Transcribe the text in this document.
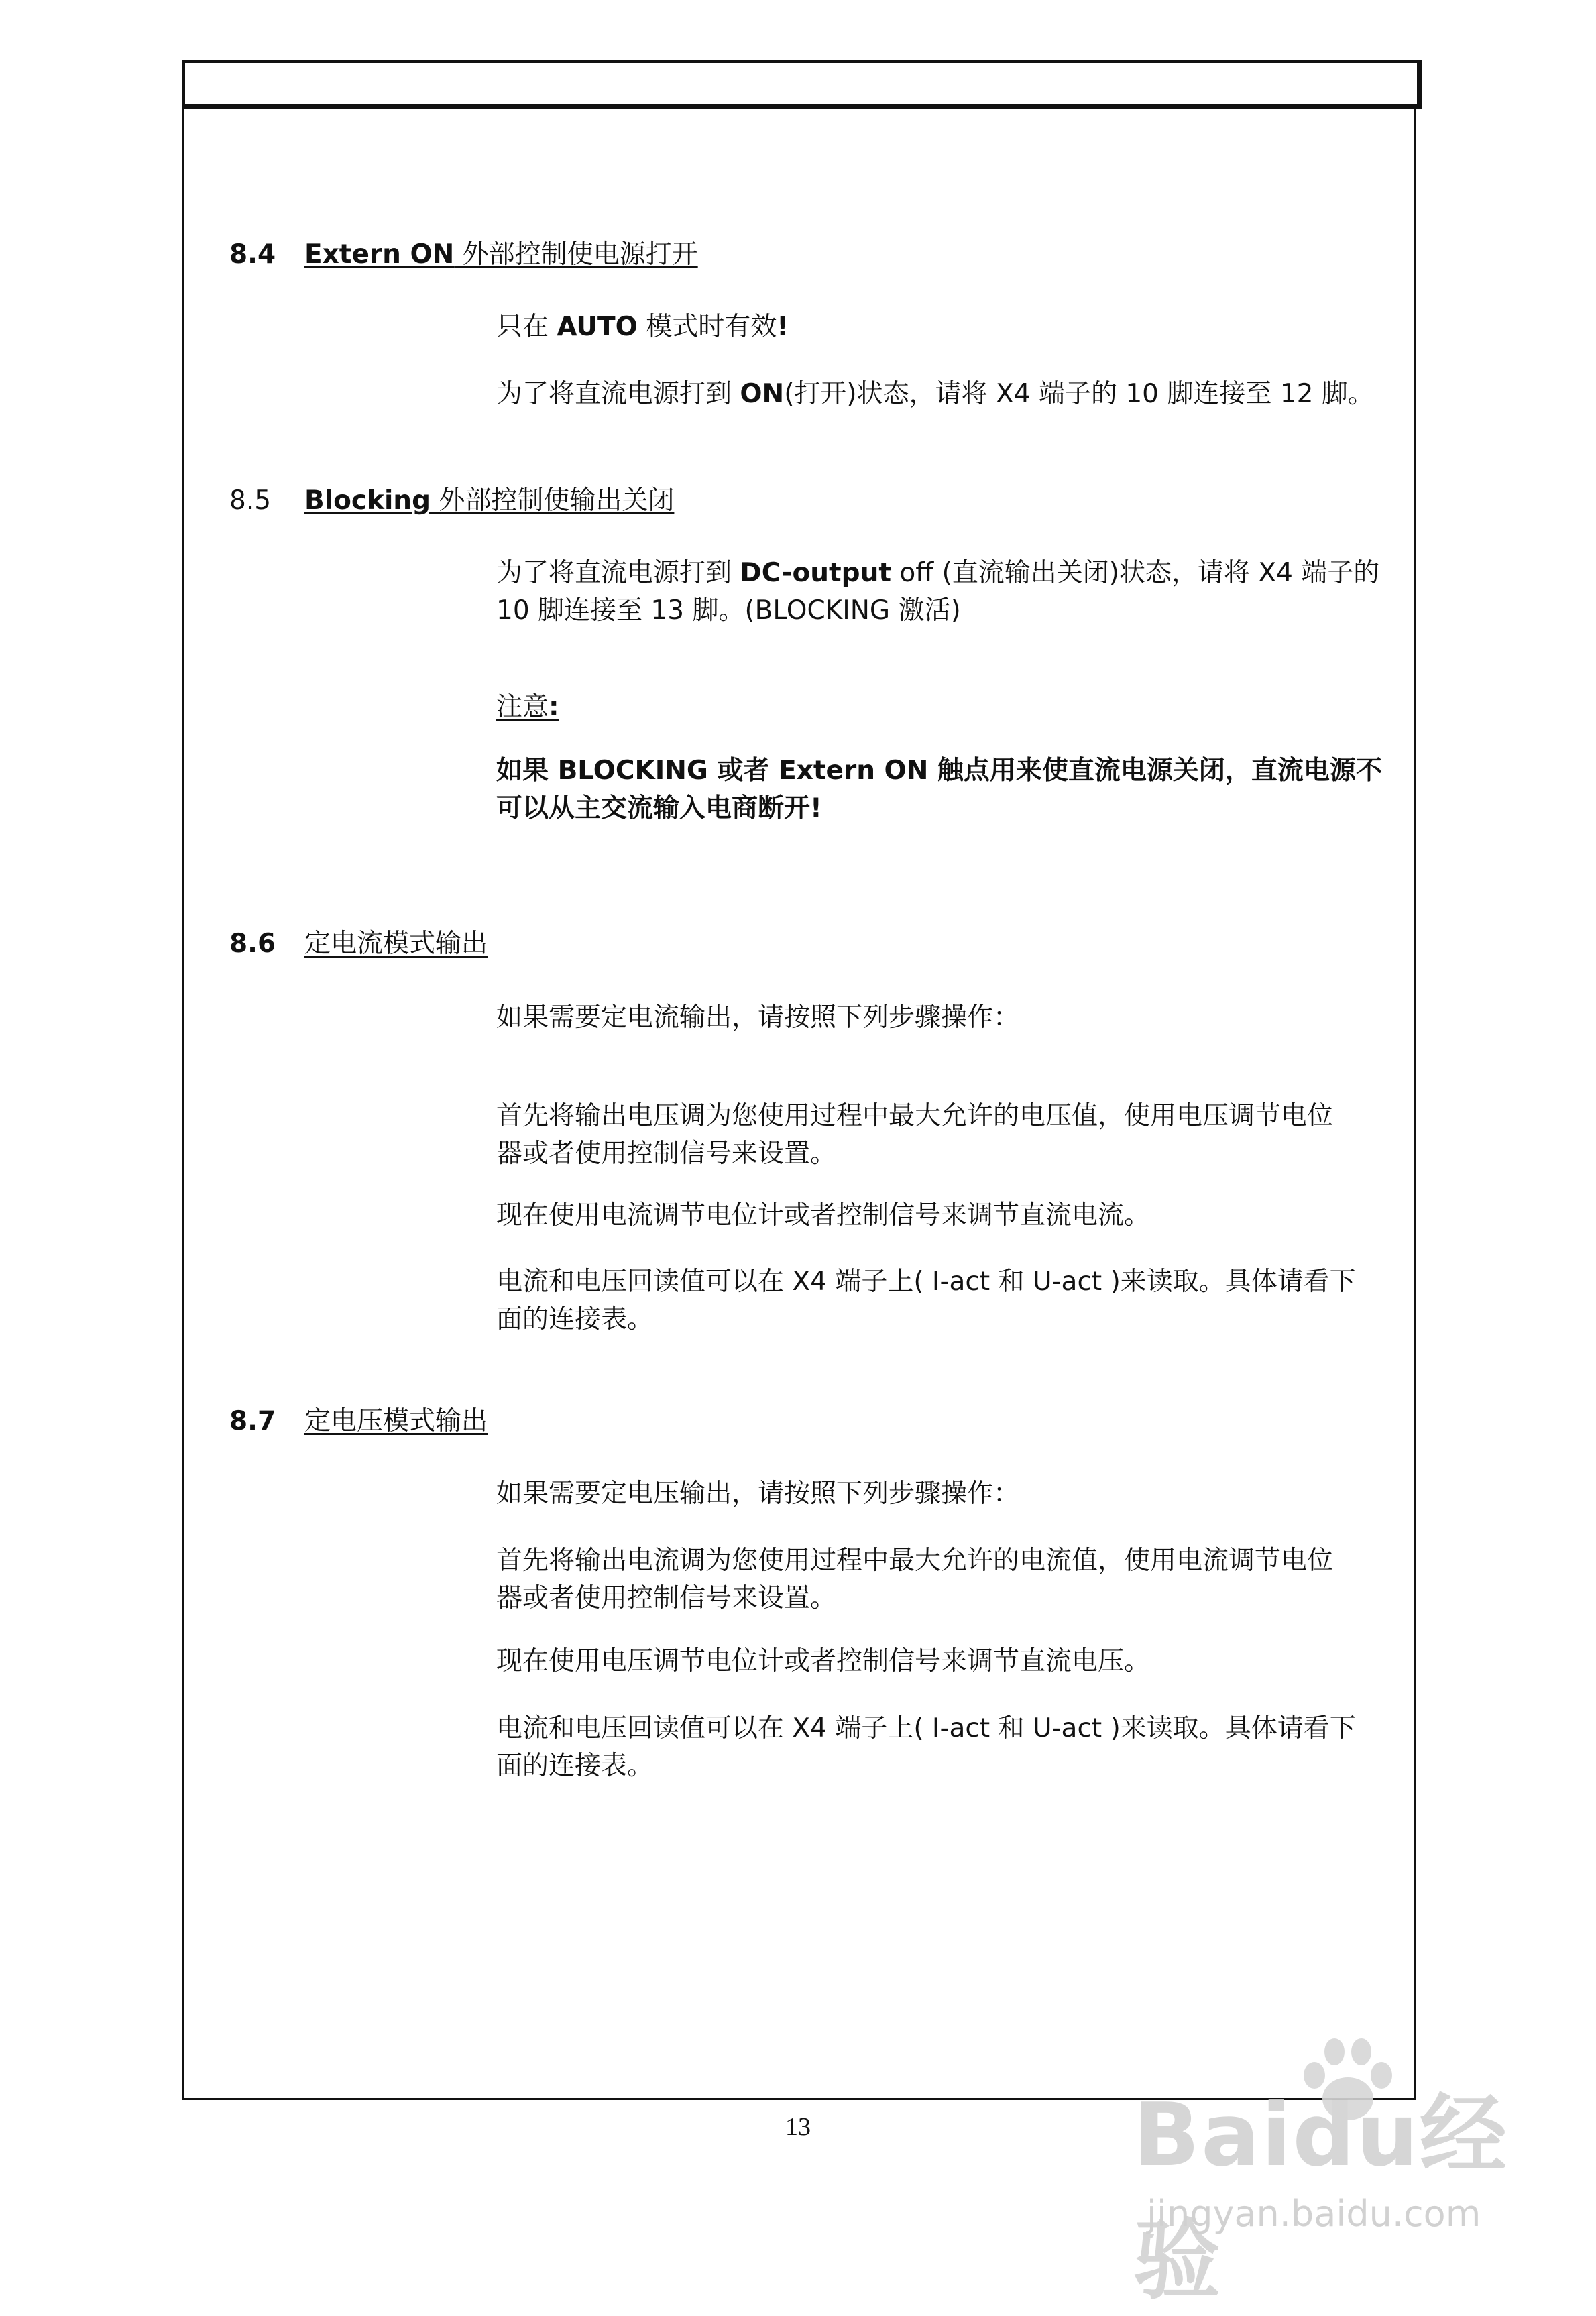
8.4	Extern ON 外部控制使电源打开
只在 AUTO 模式时有效!
为了将直流电源打到 ON(打开)状态，请将 X4 端子的 10 脚连接至 12 脚。
8.5	Blocking 外部控制使输出关闭
为了将直流电源打到 DC-output off (直流输出关闭)状态，请将 X4 端子的
10 脚连接至 13 脚。(BLOCKING 激活)
注意:
如果 BLOCKING 或者 Extern ON 触点用来使直流电源关闭，直流电源不
可以从主交流输入电商断开!
8.6	定电流模式输出
如果需要定电流输出，请按照下列步骤操作：
首先将输出电压调为您使用过程中最大允许的电压值，使用电压调节电位
器或者使用控制信号来设置。
现在使用电流调节电位计或者控制信号来调节直流电流。
电流和电压回读值可以在 X4 端子上( I-act 和 U-act )来读取。具体请看下
面的连接表。
8.7	定电压模式输出
如果需要定电压输出，请按照下列步骤操作：
首先将输出电流调为您使用过程中最大允许的电流值，使用电流调节电位
器或者使用控制信号来设置。
现在使用电压调节电位计或者控制信号来调节直流电压。
电流和电压回读值可以在 X4 端子上( I-act 和 U-act )来读取。具体请看下
面的连接表。
13	Baidu经验
jingyan.baidu.com
